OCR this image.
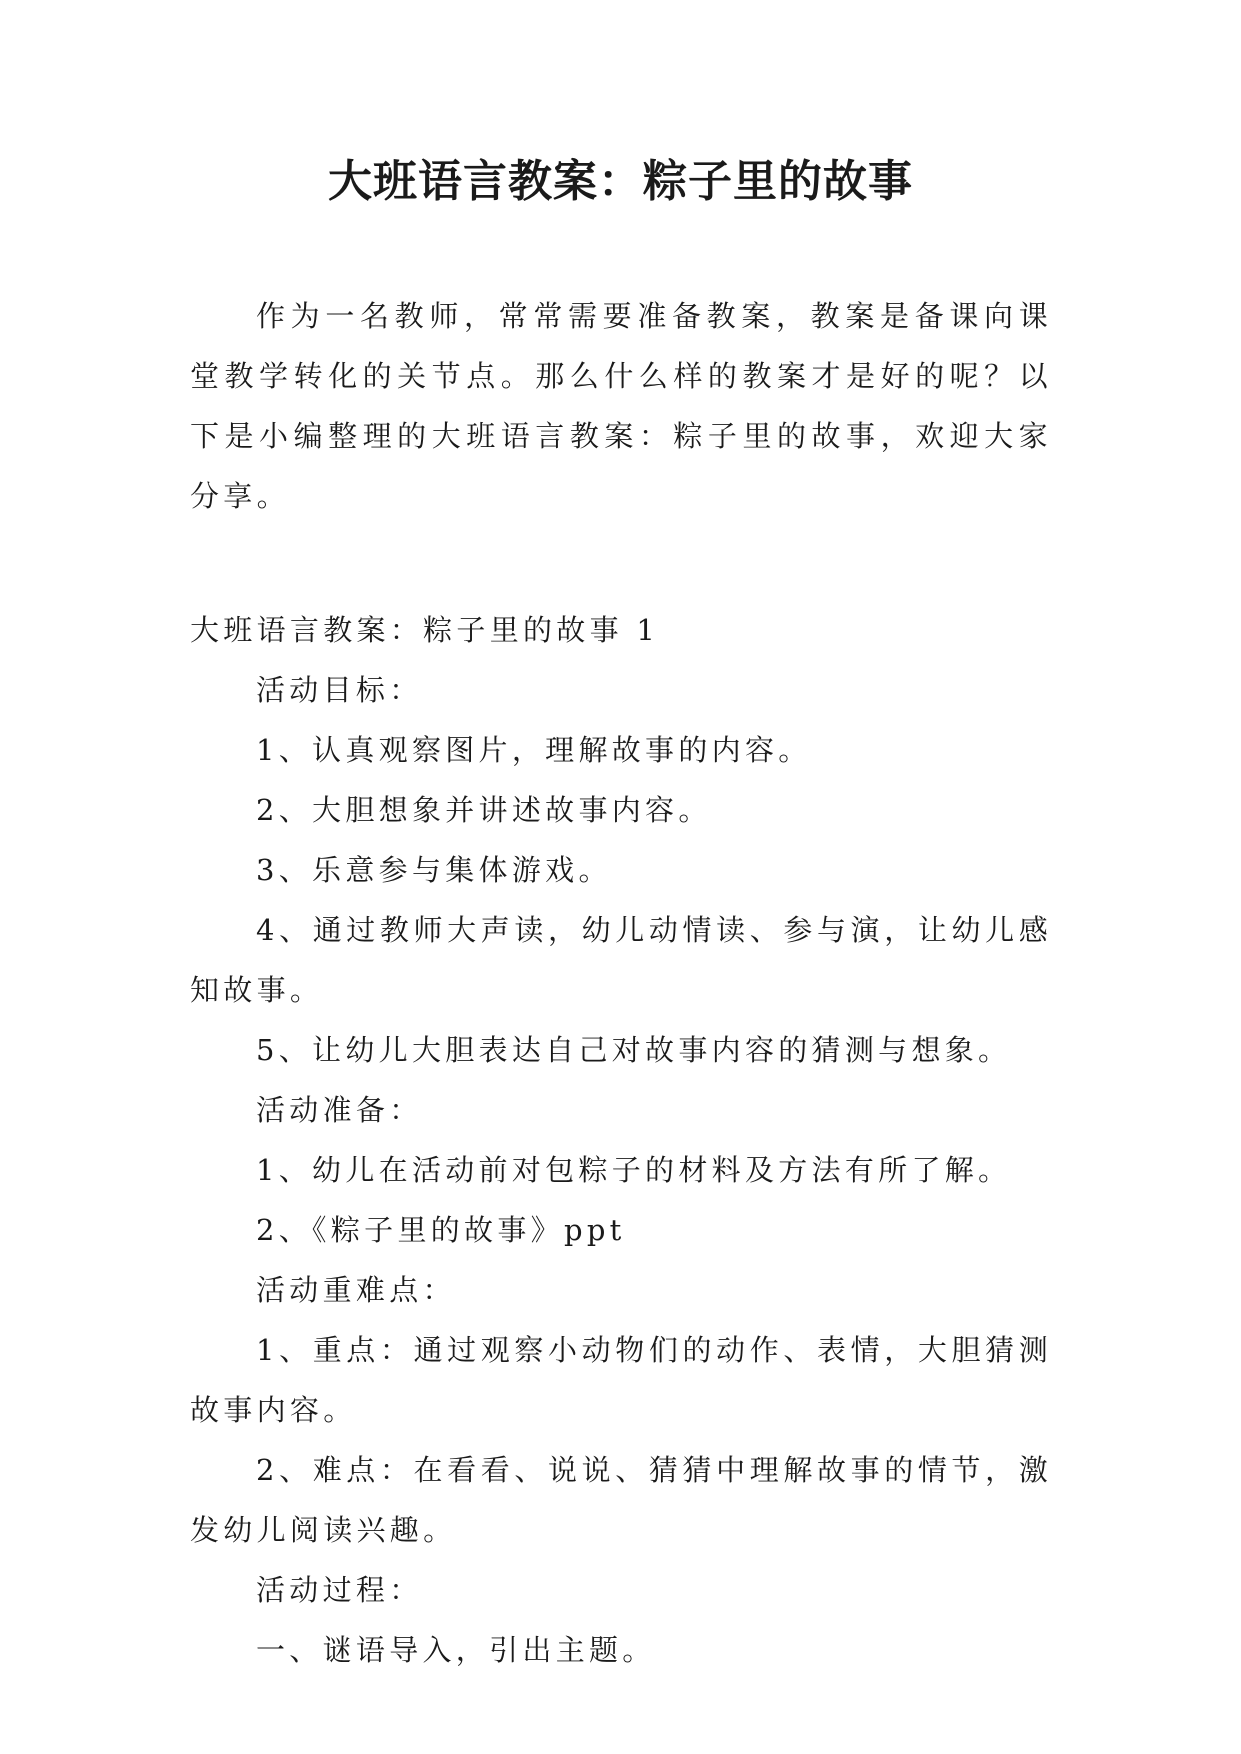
大班语言教案：粽子里的故事

作为一名教师，常常需要准备教案，教案是备课向课堂教学转化的关节点。那么什么样的教案才是好的呢？以下是小编整理的大班语言教案：粽子里的故事，欢迎大家分享。

大班语言教案：粽子里的故事 1

活动目标：

1、认真观察图片，理解故事的内容。

2、大胆想象并讲述故事内容。

3、乐意参与集体游戏。

4、通过教师大声读，幼儿动情读、参与演，让幼儿感知故事。

5、让幼儿大胆表达自己对故事内容的猜测与想象。

活动准备：

1、幼儿在活动前对包粽子的材料及方法有所了解。

2、《粽子里的故事》ppt

活动重难点：

1、重点：通过观察小动物们的动作、表情，大胆猜测故事内容。

2、难点：在看看、说说、猜猜中理解故事的情节，激发幼儿阅读兴趣。

活动过程：

一、谜语导入，引出主题。
